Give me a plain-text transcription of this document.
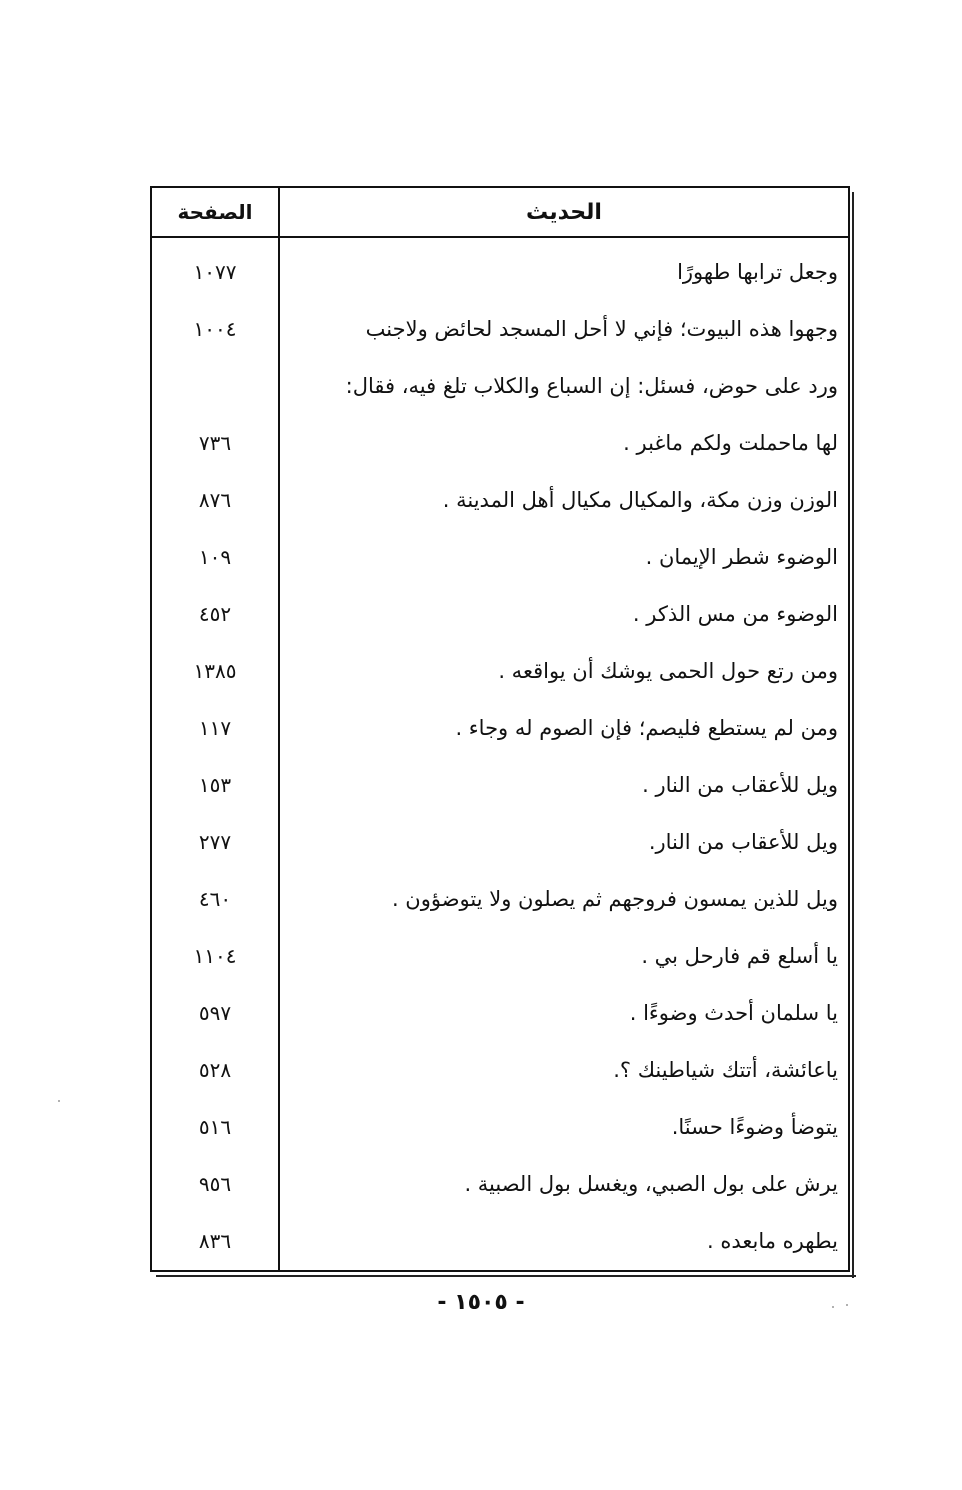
الحديث
الصفحة
وجعل ترابها طهورًا
١٠٧٧
وجهوا هذه البيوت؛ فإني لا أحل المسجد لحائض ولاجنب
١٠٠٤
ورد على حوض، فسئل: إن السباع والكلاب تلغ فيه، فقال:
لها ماحملت ولكم ماغبر .
٧٣٦
الوزن وزن مكة، والمكيال مكيال أهل المدينة .
٨٧٦
الوضوء شطر الإيمان .
١٠٩
الوضوء من مس الذكر .
٤٥٢
ومن رتع حول الحمى يوشك أن يواقعه .
١٣٨٥
ومن لم يستطع فليصم؛ فإن الصوم له وجاء .
١١٧
ويل للأعقاب من النار .
١٥٣
ويل للأعقاب من النار.
٢٧٧
ويل للذين يمسون فروجهم ثم يصلون ولا يتوضؤون .
٤٦٠
يا أسلع قم فارحل بي .
١١٠٤
يا سلمان أحدث وضوءًا .
٥٩٧
ياعائشة، أتتك شياطينك ؟.
٥٢٨
يتوضأ وضوءًا حسنًا.
٥١٦
يرش على بول الصبي، ويغسل بول الصبية .
٩٥٦
يطهره مابعده .
٨٣٦
- ١٥٠٥ -
